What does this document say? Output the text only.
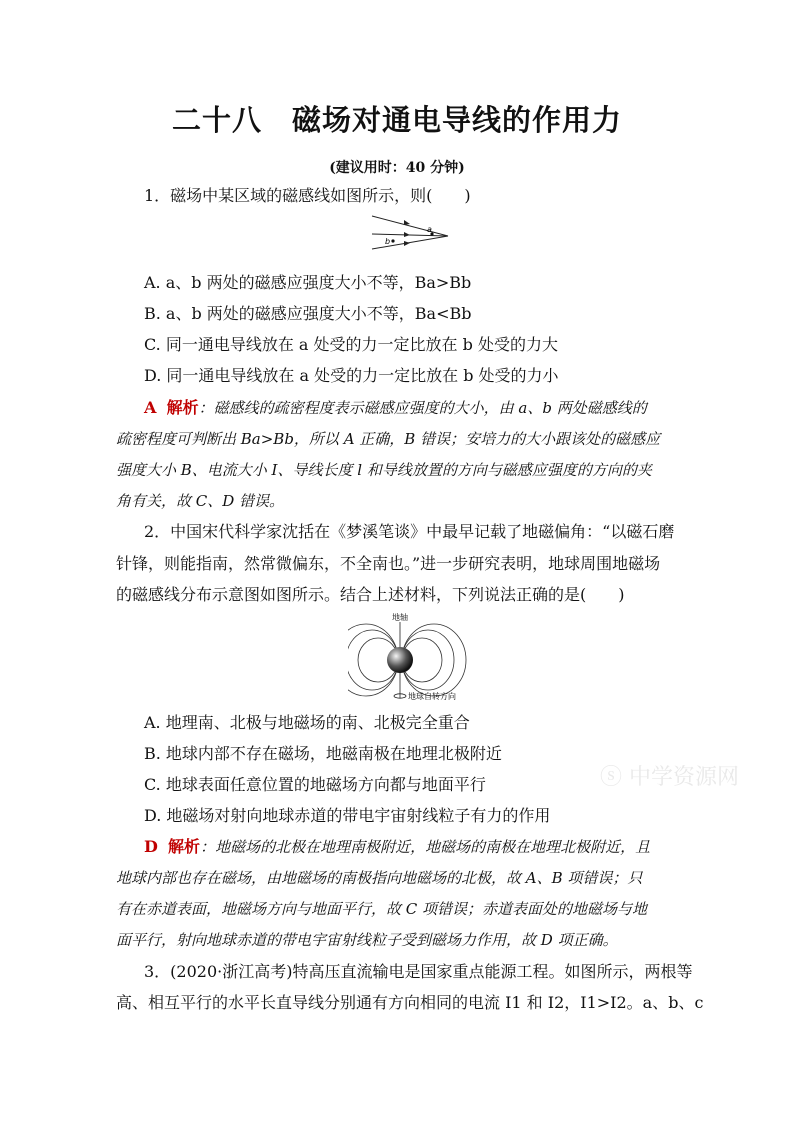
二十八　磁场对通电导线的作用力
(建议用时：40 分钟)
1．磁场中某区域的磁感线如图所示，则(　　)
a
b
A. a、b 两处的磁感应强度大小不等，Ba>Bb
B. a、b 两处的磁感应强度大小不等，Ba<Bb
C. 同一通电导线放在 a 处受的力一定比放在 b 处受的力大
D. 同一通电导线放在 a 处受的力一定比放在 b 处受的力小
A 解析：磁感线的疏密程度表示磁感应强度的大小，由 a、b 两处磁感线的
疏密程度可判断出 Ba>Bb，所以 A 正确，B 错误；安培力的大小跟该处的磁感应
强度大小 B、电流大小 I、导线长度 l 和导线放置的方向与磁感应强度的方向的夹
角有关，故 C、D 错误。
2．中国宋代科学家沈括在《梦溪笔谈》中最早记载了地磁偏角：“以磁石磨
针锋，则能指南，然常微偏东，不全南也。”进一步研究表明，地球周围地磁场
的磁感线分布示意图如图所示。结合上述材料，下列说法正确的是(　　)
地轴
地球自转方向
A. 地理南、北极与地磁场的南、北极完全重合
B. 地球内部不存在磁场，地磁南极在地理北极附近
C. 地球表面任意位置的地磁场方向都与地面平行
D. 地磁场对射向地球赤道的带电宇宙射线粒子有力的作用
ⓢ 中学资源网
D 解析：地磁场的北极在地理南极附近，地磁场的南极在地理北极附近，且
地球内部也存在磁场，由地磁场的南极指向地磁场的北极，故 A、B 项错误；只
有在赤道表面，地磁场方向与地面平行，故 C 项错误；赤道表面处的地磁场与地
面平行，射向地球赤道的带电宇宙射线粒子受到磁场力作用，故 D 项正确。
3．(2020·浙江高考)特高压直流输电是国家重点能源工程。如图所示，两根等
高、相互平行的水平长直导线分别通有方向相同的电流 I1 和 I2，I1>I2。a、b、c
